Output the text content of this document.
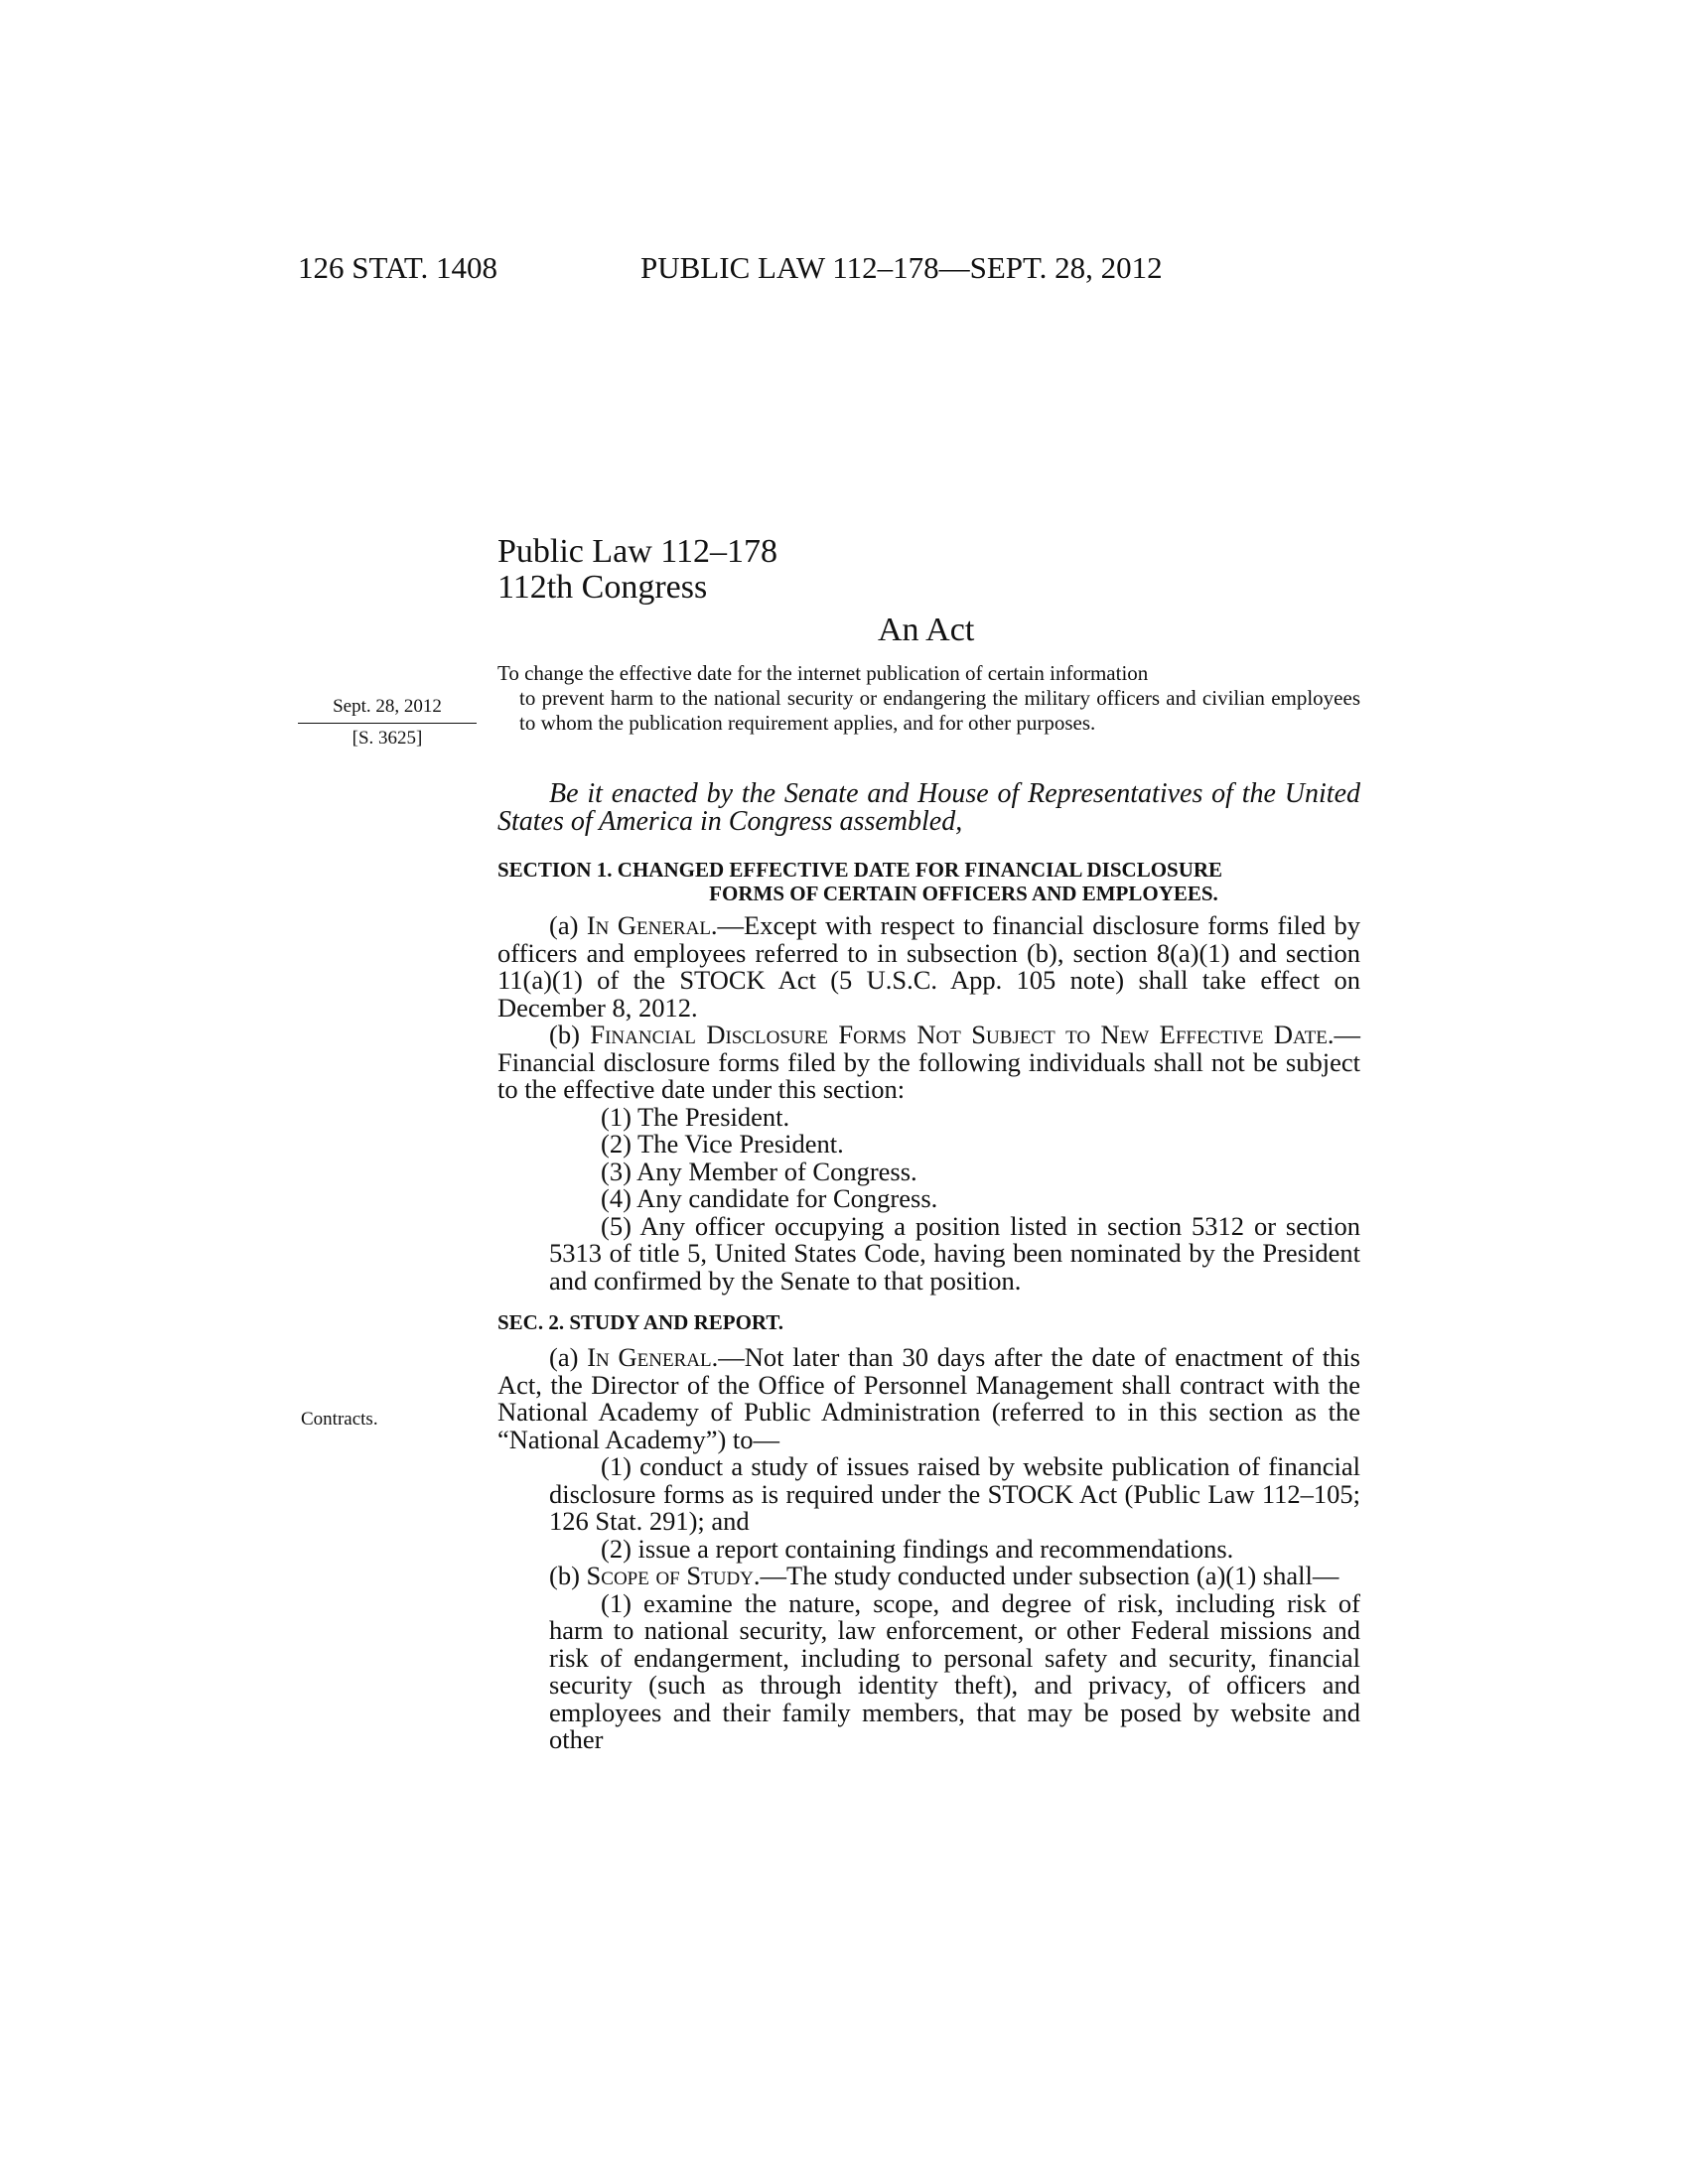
126 STAT. 1408	PUBLIC LAW 112–178—SEPT. 28, 2012
Public Law 112–178
112th Congress
An Act
Sept. 28, 2012
[S. 3625]
Contracts.
To change the effective date for the internet publication of certain information
to prevent harm to the national security or endangering the military officers and civilian employees to whom the publication requirement applies, and for other purposes.

Be it enacted by the Senate and House of Representatives of the United States of America in Congress assembled,

SECTION 1. CHANGED EFFECTIVE DATE FOR FINANCIAL DISCLOSURE
FORMS OF CERTAIN OFFICERS AND EMPLOYEES.

(a) In General.—Except with respect to financial disclosure forms filed by officers and employees referred to in subsection (b), section 8(a)(1) and section 11(a)(1) of the STOCK Act (5 U.S.C. App. 105 note) shall take effect on December 8, 2012.

(b) Financial Disclosure Forms Not Subject to New Effective Date.—Financial disclosure forms filed by the following individuals shall not be subject to the effective date under this section:

(1) The President.

(2) The Vice President.

(3) Any Member of Congress.

(4) Any candidate for Congress.

(5) Any officer occupying a position listed in section 5312 or section 5313 of title 5, United States Code, having been nominated by the President and confirmed by the Senate to that position.

SEC. 2. STUDY AND REPORT.

(a) In General.—Not later than 30 days after the date of enactment of this Act, the Director of the Office of Personnel Management shall contract with the National Academy of Public Administration (referred to in this section as the “National Academy”) to—

(1) conduct a study of issues raised by website publication of financial disclosure forms as is required under the STOCK Act (Public Law 112–105; 126 Stat. 291); and

(2) issue a report containing findings and recommendations.

(b) Scope of Study.—The study conducted under subsection (a)(1) shall—

(1) examine the nature, scope, and degree of risk, including risk of harm to national security, law enforcement, or other Federal missions and risk of endangerment, including to personal safety and security, financial security (such as through identity theft), and privacy, of officers and employees and their family members, that may be posed by website and other
